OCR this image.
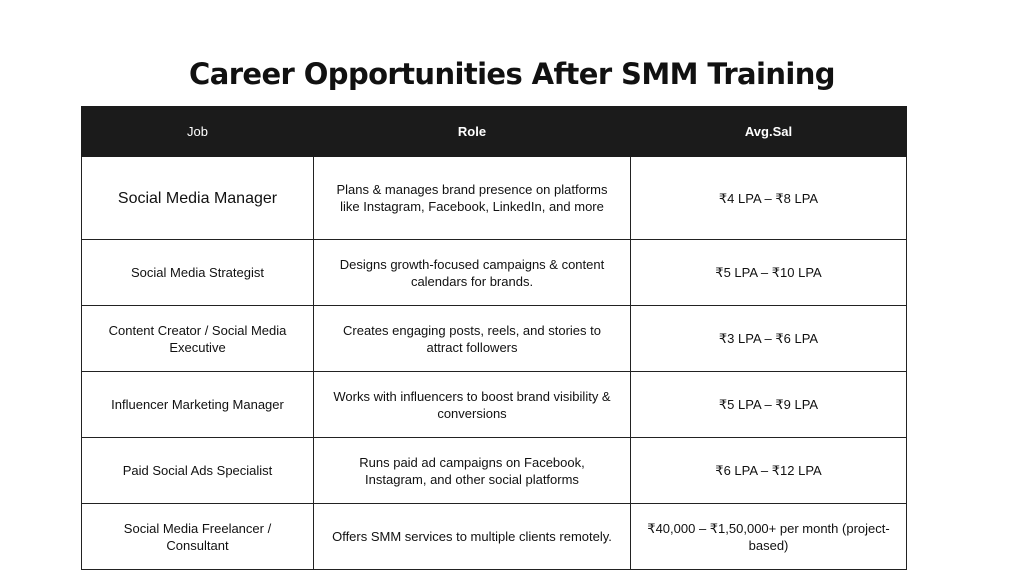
Career Opportunities After SMM Training
Job	Role	Avg.Sal
Social Media Manager	Plans & manages brand presence on platforms like Instagram, Facebook, LinkedIn, and more	₹4 LPA – ₹8 LPA
Social Media Strategist	Designs growth-focused campaigns & content calendars for brands.	₹5 LPA – ₹10 LPA
Content Creator / Social Media Executive	Creates engaging posts, reels, and stories to attract followers	₹3 LPA – ₹6 LPA
Influencer Marketing Manager	Works with influencers to boost brand visibility & conversions	₹5 LPA – ₹9 LPA
Paid Social Ads Specialist	Runs paid ad campaigns on Facebook, Instagram, and other social platforms	₹6 LPA – ₹12 LPA
Social Media Freelancer / Consultant	Offers SMM services to multiple clients remotely.	₹40,000 – ₹1,50,000+ per month (project-based)
